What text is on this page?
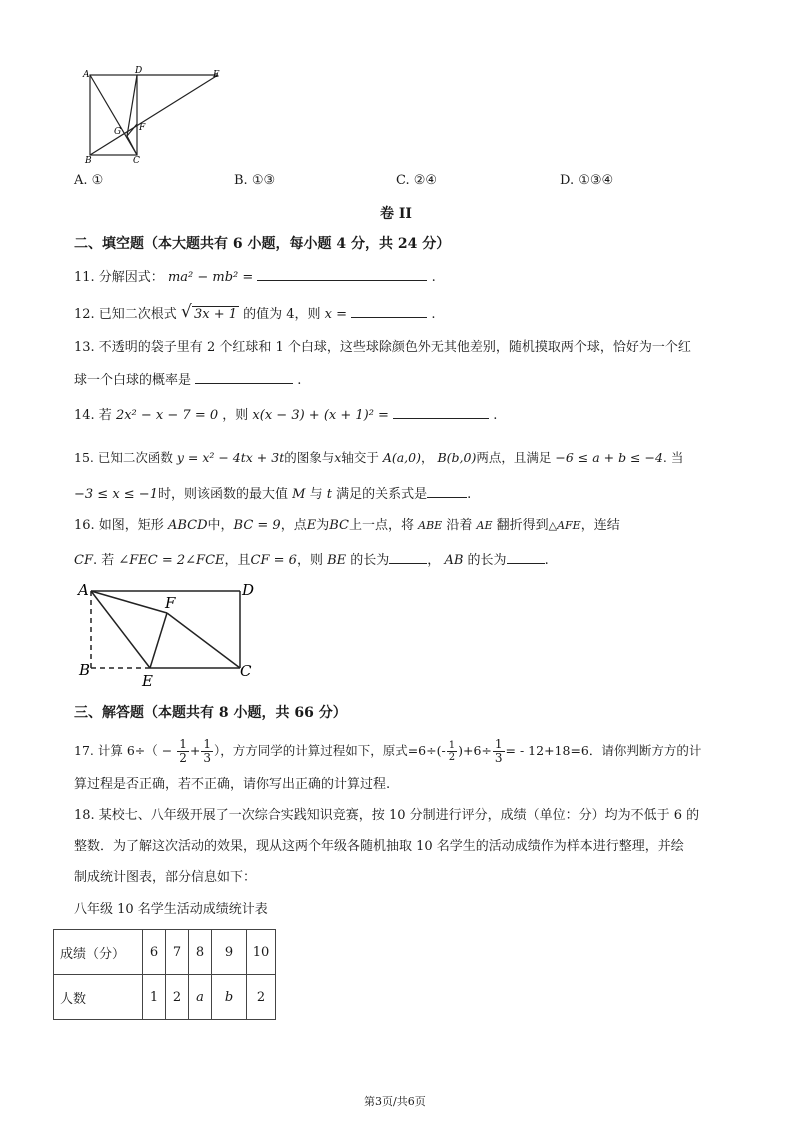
A	D	E
G F
B	C
A. ①	B. ①③	C. ②④	D. ①③④
卷 II
二、填空题（本大题共有 6 小题，每小题 4 分，共 24 分）
11. 分解因式： ma² − mb² =	.
12. 已知二次根式 √ 3x + 1 的值为 4，则 x =	.
13. 不透明的袋子里有 2 个红球和 1 个白球，这些球除颜色外无其他差别，随机摸取两个球，恰好为一个红
球一个白球的概率是	.
14. 若 2x² − x − 7 = 0 ，则 x(x − 3) + (x + 1)² =	.
15. 已知二次函数 y = x² − 4tx + 3t的图象与x轴交于 A(a,0)， B(b,0)两点，且满足 −6 ≤ a + b ≤ −4. 当
−3 ≤ x ≤ −1时，则该函数的最大值 M 与 t 满足的关系式是	.
16. 如图，矩形 ABCD中，BC = 9，点E为BC上一点，将 ABE 沿着 AE 翻折得到△AFE，连结
CF. 若 ∠FEC = 2∠FCE，且CF = 6，则 BE 的长为	， AB 的长为	.
A	D
F
B
E
C
三、解答题（本题共有 8 小题，共 66 分）
17. 计算 $6\div( - \frac{1}{2} + \frac{1}{3}$ ），方方同学的计算过程如下，原式$=6\div(- \frac{1}{2} )+6\div \frac{1}{3}$ = - 12+18=6．请你判断方方的计
算过程是否正确，若不正确，请你写出正确的计算过程.
18. 某校七、八年级开展了一次综合实践知识竞赛，按 10 分制进行评分，成绩（单位：分）均为不低于 6 的
整数．为了解这次活动的效果，现从这两个年级各随机抽取 10 名学生的活动成绩作为样本进行整理，并绘
制成统计图表，部分信息如下：
八年级 10 名学生活动成绩统计表
成绩（分）	6	7	8	9	10
人数	1	2	a	b	2
第3页/共6页
